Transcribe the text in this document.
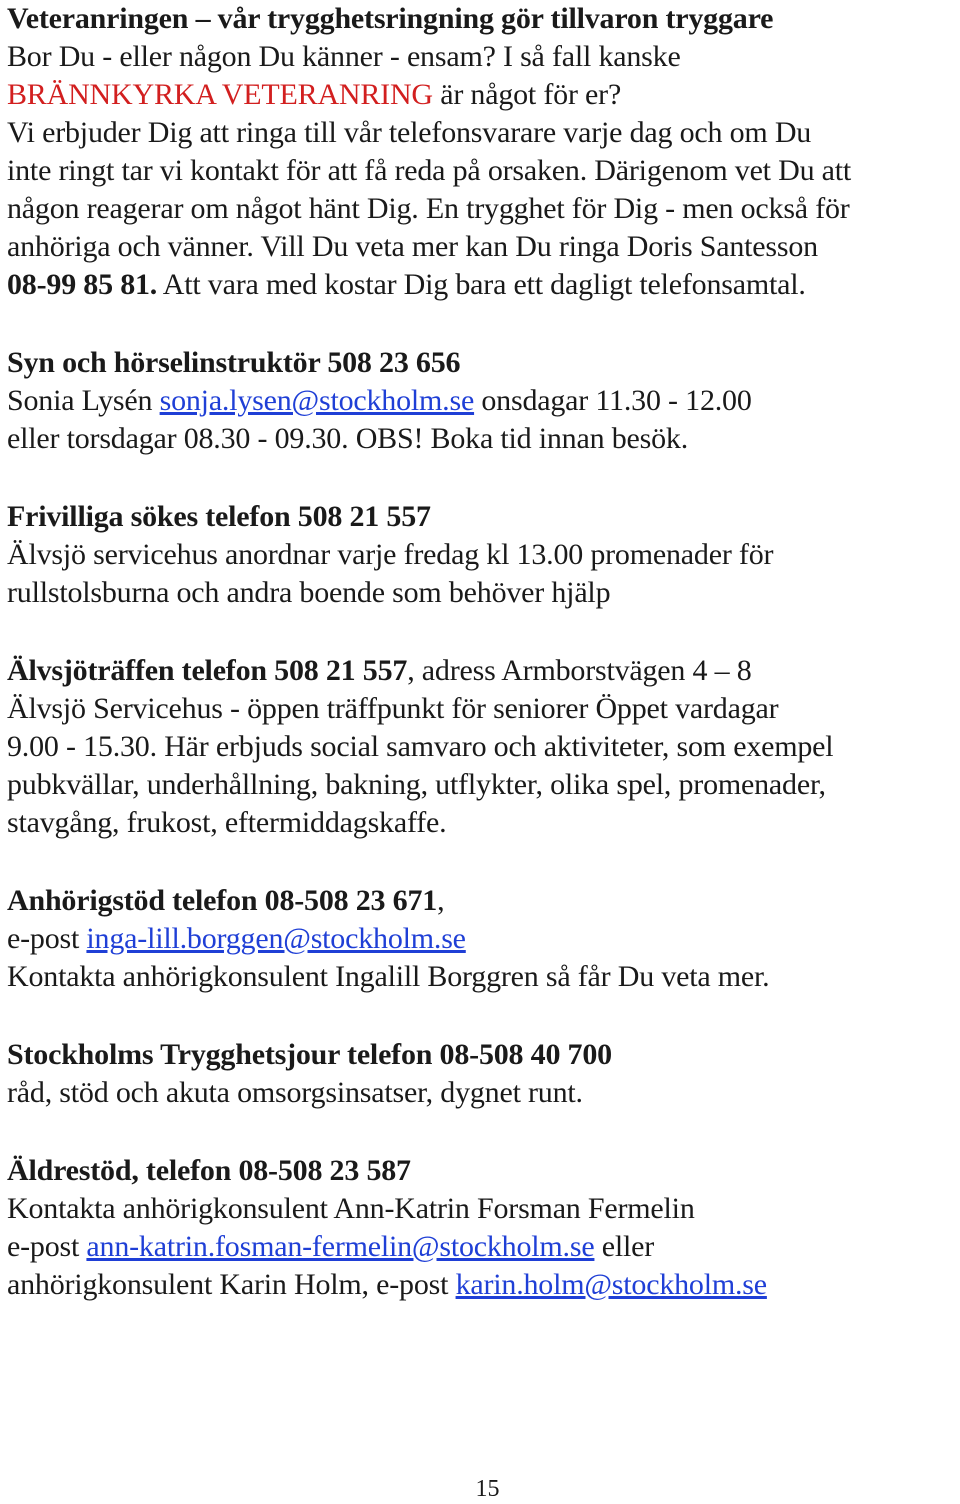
Veteranringen – vår trygghetsringning gör tillvaron tryggare
Bor Du - eller någon Du känner - ensam? I så fall kanske
BRÄNNKYRKA VETERANRING är något för er?
Vi erbjuder Dig att ringa till vår telefonsvarare varje dag och om Du
inte ringt tar vi kontakt för att få reda på orsaken. Därigenom vet Du att
någon reagerar om något hänt Dig. En trygghet för Dig - men också för
anhöriga och vänner. Vill Du veta mer kan Du ringa Doris Santesson
08-99 85 81. Att vara med kostar Dig bara ett dagligt telefonsamtal.
Syn och hörselinstruktör 508 23 656
Sonia Lysén sonja.lysen@stockholm.se onsdagar 11.30 - 12.00
eller torsdagar 08.30 - 09.30. OBS! Boka tid innan besök.
Frivilliga sökes telefon 508 21 557
Älvsjö servicehus anordnar varje fredag kl 13.00 promenader för
rullstolsburna och andra boende som behöver hjälp
Älvsjöträffen telefon 508 21 557, adress Armborstvägen 4 – 8
Älvsjö Servicehus - öppen träffpunkt för seniorer Öppet vardagar
9.00 - 15.30. Här erbjuds social samvaro och aktiviteter, som exempel
pubkvällar, underhållning, bakning, utflykter, olika spel, promenader,
stavgång, frukost, eftermiddagskaffe.
Anhörigstöd telefon 08-508 23 671,
e-post inga-lill.borggen@stockholm.se
Kontakta anhörigkonsulent Ingalill Borggren så får Du veta mer.
Stockholms Trygghetsjour telefon 08-508 40 700
råd, stöd och akuta omsorgsinsatser, dygnet runt.
Äldrestöd, telefon 08-508 23 587
Kontakta anhörigkonsulent Ann-Katrin Forsman Fermelin
e-post ann-katrin.fosman-fermelin@stockholm.se eller
anhörigkonsulent Karin Holm, e-post karin.holm@stockholm.se
15
